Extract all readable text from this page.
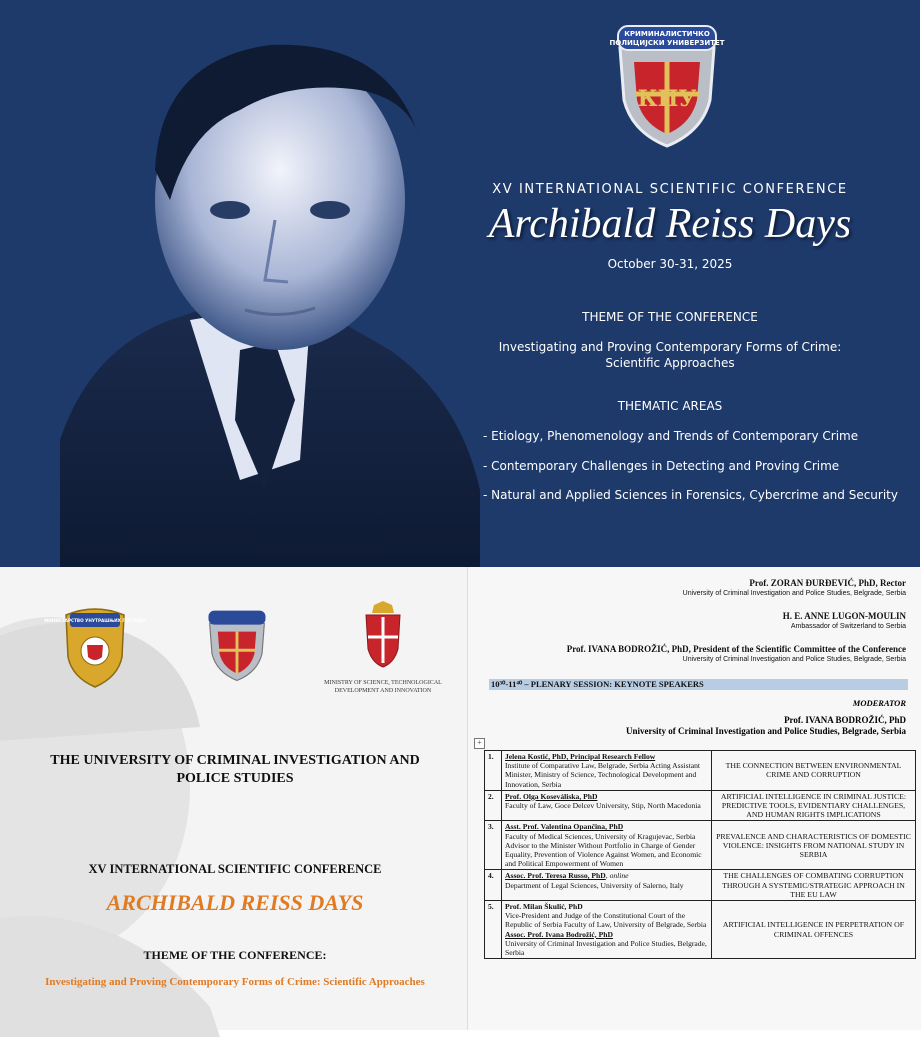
КРИМИНАЛИСТИЧКО
ПОЛИЦИЈСКИ УНИВЕРЗИТЕТ
КПУ
XV INTERNATIONAL SCIENTIFIC CONFERENCE
Archibald Reiss Days
October 30-31, 2025
THEME OF THE CONFERENCE
Investigating and Proving Contemporary Forms of Crime: Scientific Approaches
THEMATIC AREAS
- Etiology, Phenomenology and Trends of Contemporary Crime
- Contemporary Challenges in Detecting and Proving Crime
- Natural and Applied Sciences in Forensics, Cybercrime and Security
МИНИСТАРСТВО УНУТРАШЊИХ ПОСЛОВА
MINISTRY OF SCIENCE, TECHNOLOGICAL DEVELOPMENT AND INNOVATION
THE UNIVERSITY OF CRIMINAL INVESTIGATION AND POLICE STUDIES
XV INTERNATIONAL SCIENTIFIC CONFERENCE
ARCHIBALD REISS DAYS
THEME OF THE CONFERENCE:
Investigating and Proving Contemporary Forms of Crime: Scientific Approaches
Prof. ZORAN ĐURĐEVIĆ, PhD, Rector
University of Criminal Investigation and Police Studies, Belgrade, Serbia
H. E. ANNE LUGON-MOULIN
Ambassador of Switzerland to Serbia
Prof. IVANA BODROŽIĆ, PhD, President of the Scientific Committee of the Conference
University of Criminal Investigation and Police Studies, Belgrade, Serbia
10³⁰-11⁴⁰ – PLENARY SESSION: KEYNOTE SPEAKERS
MODERATOR
Prof. IVANA BODROŽIĆ, PhD
University of Criminal Investigation and Police Studies, Belgrade, Serbia
+
1.	Jelena Kostić, PhD, Principal Research Fellow
Institute of Comparative Law, Belgrade, Serbia Acting Assistant Minister, Ministry of Science, Technological Development and Innovation, Serbia	THE CONNECTION BETWEEN ENVIRONMENTAL CRIME AND CORRUPTION
2.	Prof. Olga Koseváliska, PhD
Faculty of Law, Goce Delcev University, Stip, North Macedonia	ARTIFICIAL INTELLIGENCE IN CRIMINAL JUSTICE: PREDICTIVE TOOLS, EVIDENTIARY CHALLENGES, AND HUMAN RIGHTS IMPLICATIONS
3.	Asst. Prof. Valentina Opančina, PhD
Faculty of Medical Sciences, University of Kragujevac, Serbia Advisor to the Minister Without Portfolio in Charge of Gender Equality, Prevention of Violence Against Women, and Economic and Political Empowerment of Women	PREVALENCE AND CHARACTERISTICS OF DOMESTIC VIOLENCE: INSIGHTS FROM NATIONAL STUDY IN SERBIA
4.	Assoc. Prof. Teresa Russo, PhD, online
Department of Legal Sciences, University of Salerno, Italy	THE CHALLENGES OF COMBATING CORRUPTION THROUGH A SYSTEMIC/STRATEGIC APPROACH IN THE EU LAW
5.	Prof. Milan Škulić, PhD
Vice-President and Judge of the Constitutional Court of the Republic of Serbia Faculty of Law, University of Belgrade, Serbia
Assoc. Prof. Ivana Bodrožić, PhD
University of Criminal Investigation and Police Studies, Belgrade, Serbia	ARTIFICIAL INTELLIGENCE IN PERPETRATION OF CRIMINAL OFFENCES
